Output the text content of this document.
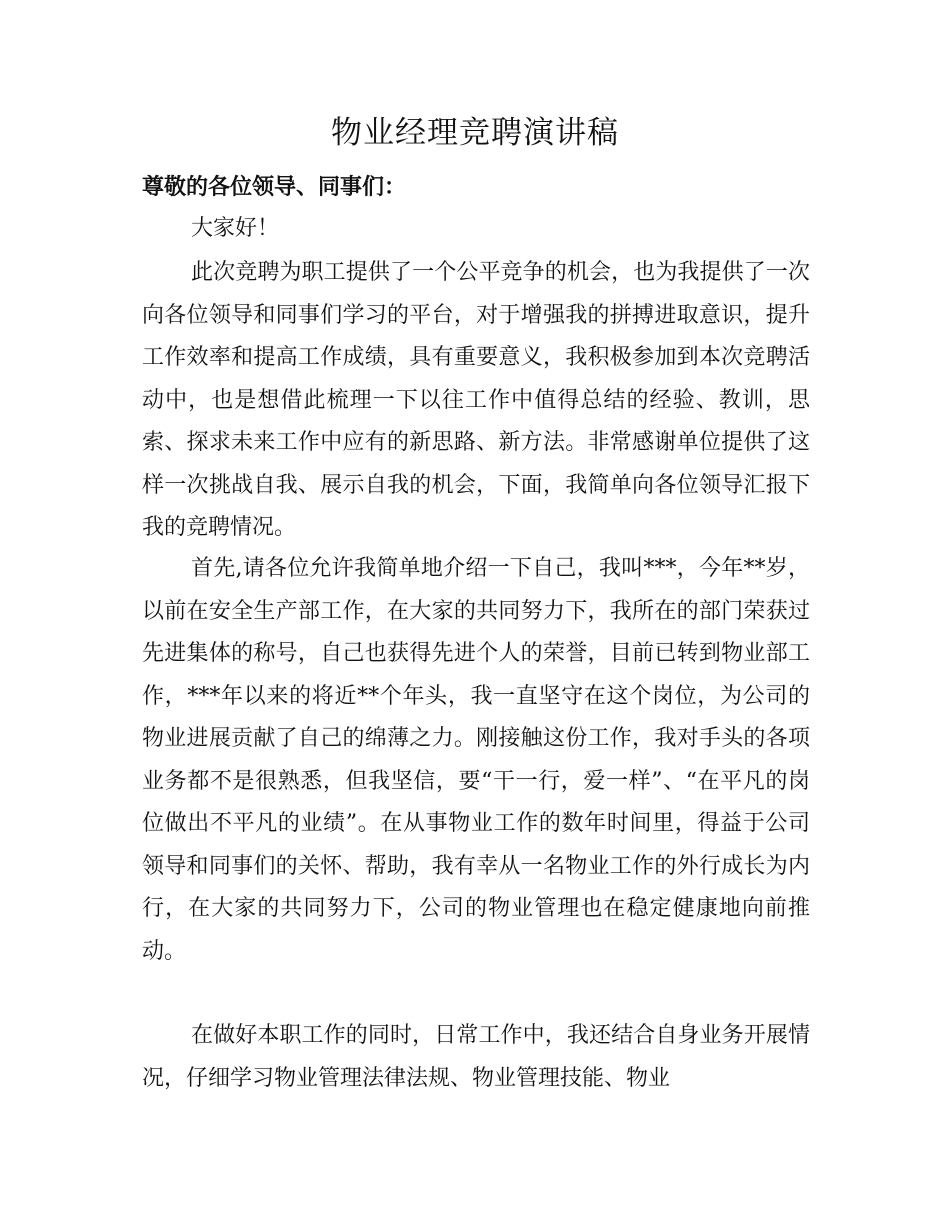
物业经理竞聘演讲稿
尊敬的各位领导、同事们：
大家好！

此次竞聘为职工提供了一个公平竞争的机会，也为我提供了一次向各位领导和同事们学习的平台，对于增强我的拼搏进取意识，提升工作效率和提高工作成绩，具有重要意义，我积极参加到本次竞聘活动中，也是想借此梳理一下以往工作中值得总结的经验、教训，思索、探求未来工作中应有的新思路、新方法。非常感谢单位提供了这样一次挑战自我、展示自我的机会，下面，我简单向各位领导汇报下我的竞聘情况。

首先,请各位允许我简单地介绍一下自己，我叫***，今年**岁，以前在安全生产部工作，在大家的共同努力下，我所在的部门荣获过先进集体的称号，自己也获得先进个人的荣誉，目前已转到物业部工作，***年以来的将近**个年头，我一直坚守在这个岗位，为公司的物业进展贡献了自己的绵薄之力。刚接触这份工作，我对手头的各项业务都不是很熟悉，但我坚信，要“干一行，爱一样”、“在平凡的岗位做出不平凡的业绩”。在从事物业工作的数年时间里，得益于公司领导和同事们的关怀、帮助，我有幸从一名物业工作的外行成长为内行，在大家的共同努力下，公司的物业管理也在稳定健康地向前推动。

在做好本职工作的同时，日常工作中，我还结合自身业务开展情况，仔细学习物业管理法律法规、物业管理技能、物业
